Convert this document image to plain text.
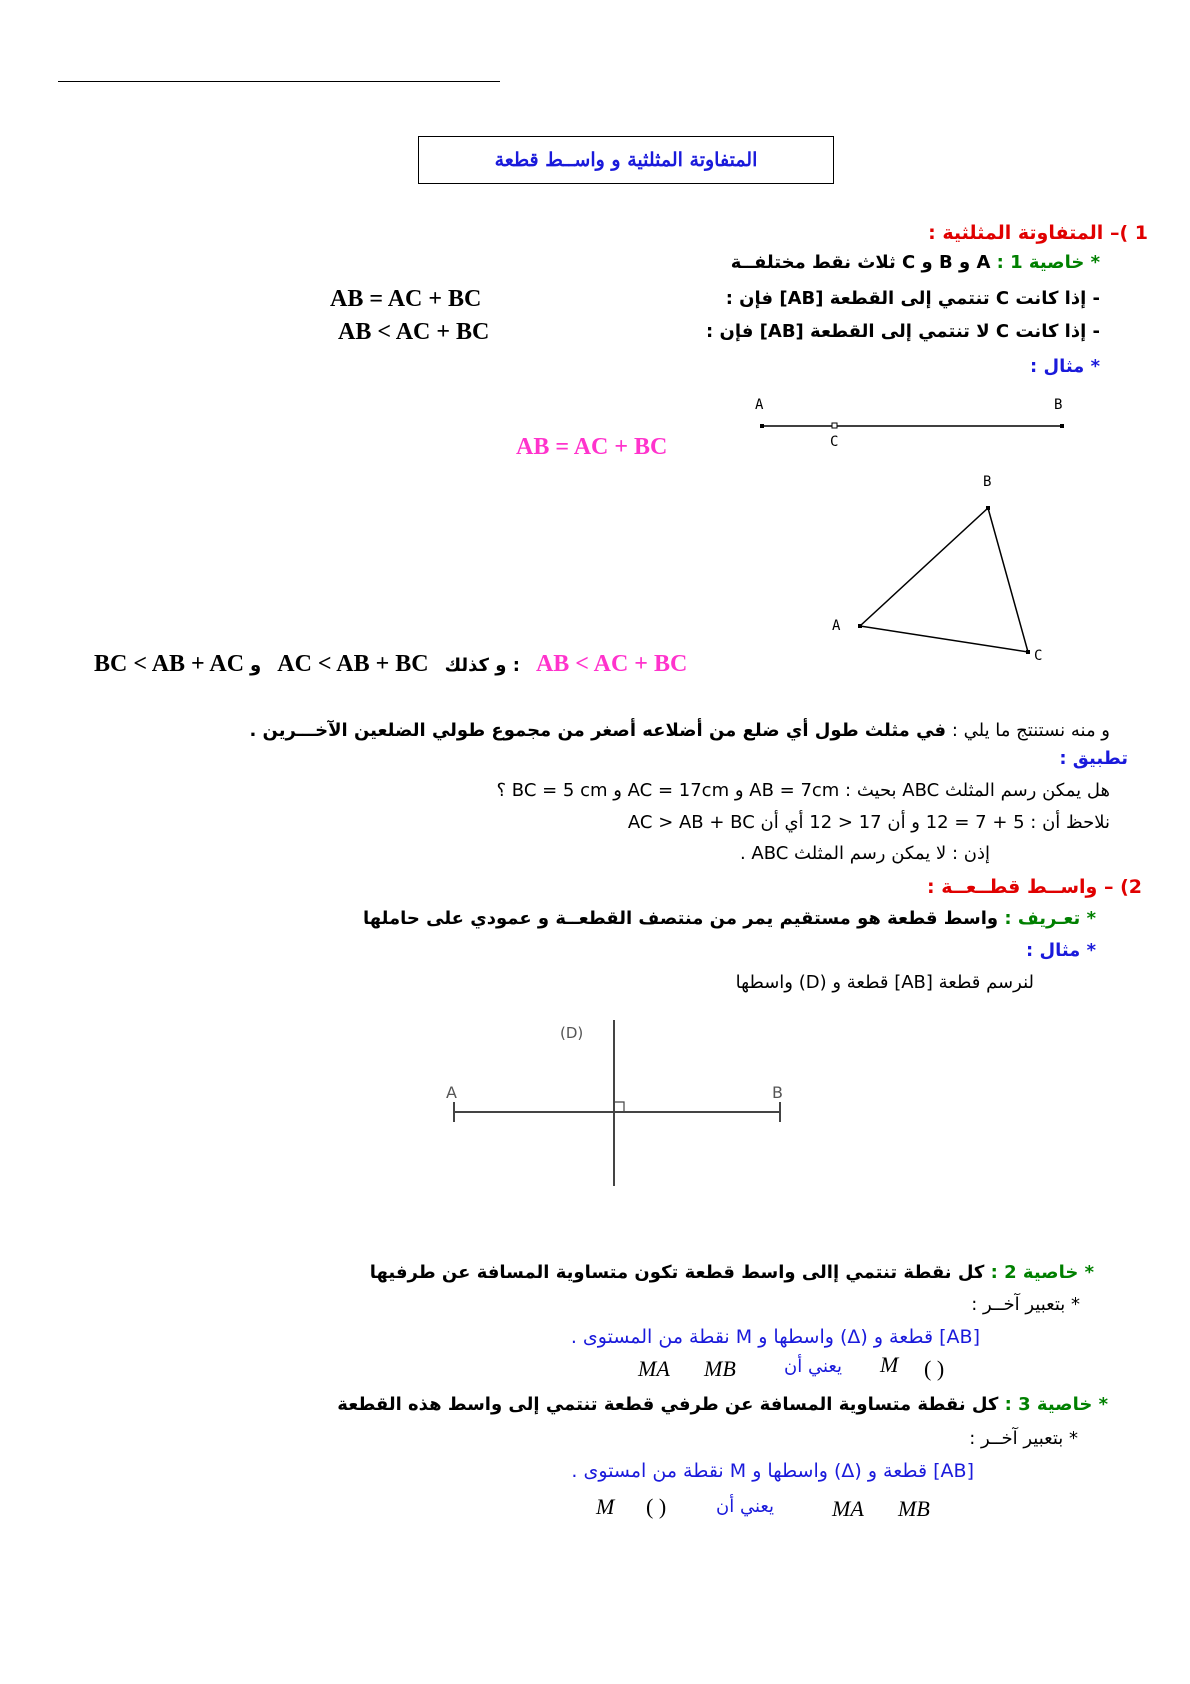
المتفاوتة المثلثية و واســط قطعة
1 )– المتفاوتة المثلثية :
* خاصية 1 : A و B و C ثلاث نقط مختلفــة
- إذا كانت C تنتمي إلى القطعة [AB] فإن :
AB = AC + BC
- إذا كانت C لا تنتمي إلى القطعة [AB] فإن :
AB < AC + BC
* مثال :
A	B
C
AB = AC + BC
B
A
C
BC < AB + AC و AC < AB + BC و كذلك : AB < AC + BC
و منه نستنتج ما يلي : في مثلث طول أي ضلع من أضلاعه أصغر من مجموع طولي الضلعين الآخـــرين .
تطبيق :
هل يمكن رسم المثلث ABC بحيث : AB = 7cm و AC = 17cm و BC = 5 cm ؟
نلاحظ أن : 5 + 7 = 12 و أن 17 < 12 أي أن AC > AB + BC
إذن : لا يمكن رسم المثلث ABC .
2) – واســط قطــعــة :
* تعـريف : واسط قطعة هو مستقيم يمر من منتصف القطعــة و عمودي على حاملها
* مثال :
لنرسم قطعة [AB] قطعة و (D) واسطها
(D)
A	B
* خاصية 2 : كل نقطة تنتمي إالى واسط قطعة تكون متساوية المسافة عن طرفيها
* بتعبير آخــر :
[AB] قطعة و (Δ) واسطها و M نقطة من المستوى .
MA MB	يعني أن M ( )
* خاصية 3 : كل نقطة متساوية المسافة عن طرفي قطعة تنتمي إلى واسط هذه القطعة
* بتعبير آخــر :
[AB] قطعة و (Δ) واسطها و M نقطة من امستوى .
M ( )	يعني أن	MA MB
